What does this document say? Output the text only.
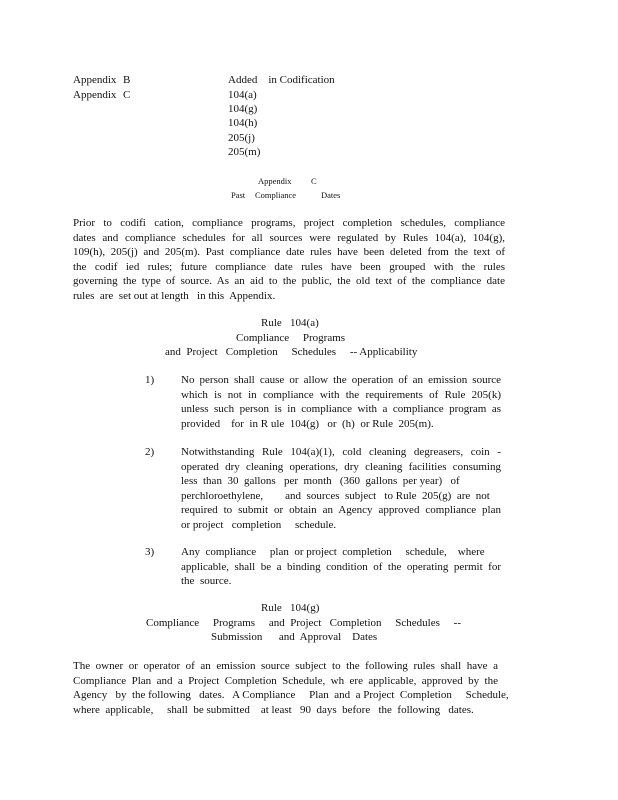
Appendix B	Added    in Codification
Appendix C	104(a)
104(g)
104(h)
205(j)
205(m)
Appendix C
Past Compliance	Dates
Prior to codifi cation, compliance programs, project completion schedules, compliance
dates and compliance schedules for all sources were regulated by Rules 104(a), 104(g),
109(h), 205(j) and 205(m). Past compliance date rules have been deleted from the text of
the codif ied rules; future compliance date rules have been grouped with the rules
governing the type of source. As an aid to the public, the old text of the compliance date
rules  are  set out at length   in this  Appendix.
Rule   104(a)
Compliance     Programs
and  Project   Completion     Schedules     -- Applicability
1) No person shall cause or allow the operation of an emission source
which is not in compliance with the requirements of Rule 205(k)
unless such person is in compliance with a compliance program as
provided    for  in R ule  104(g)   or  (h)  or Rule  205(m).
2) Notwithstanding Rule 104(a)(1), cold cleaning degreasers, coin -
operated dry cleaning operations, dry cleaning facilities consuming
less  than  30  gallons   per  month   (360  gallons  per year)   of
perchloroethylene,        and  sources  subject   to Rule  205(g)  are  not
required to submit or obtain an Agency approved compliance plan
or project   completion     schedule.
3) Any  compliance     plan  or project  completion     schedule,    where
applicable, shall be a binding condition of the operating permit for
the  source.
Rule   104(g)
Compliance     Programs     and  Project   Completion     Schedules     --
Submission      and  Approval    Dates
The owner or operator of an emission source subject to the following rules shall have a
Compliance Plan and a Project Completion Schedule, wh ere applicable, approved by the
Agency   by  the following   dates.   A Compliance     Plan  and  a Project  Completion     Schedule,
where  applicable,     shall  be submitted    at least   90  days  before   the  following   dates.
